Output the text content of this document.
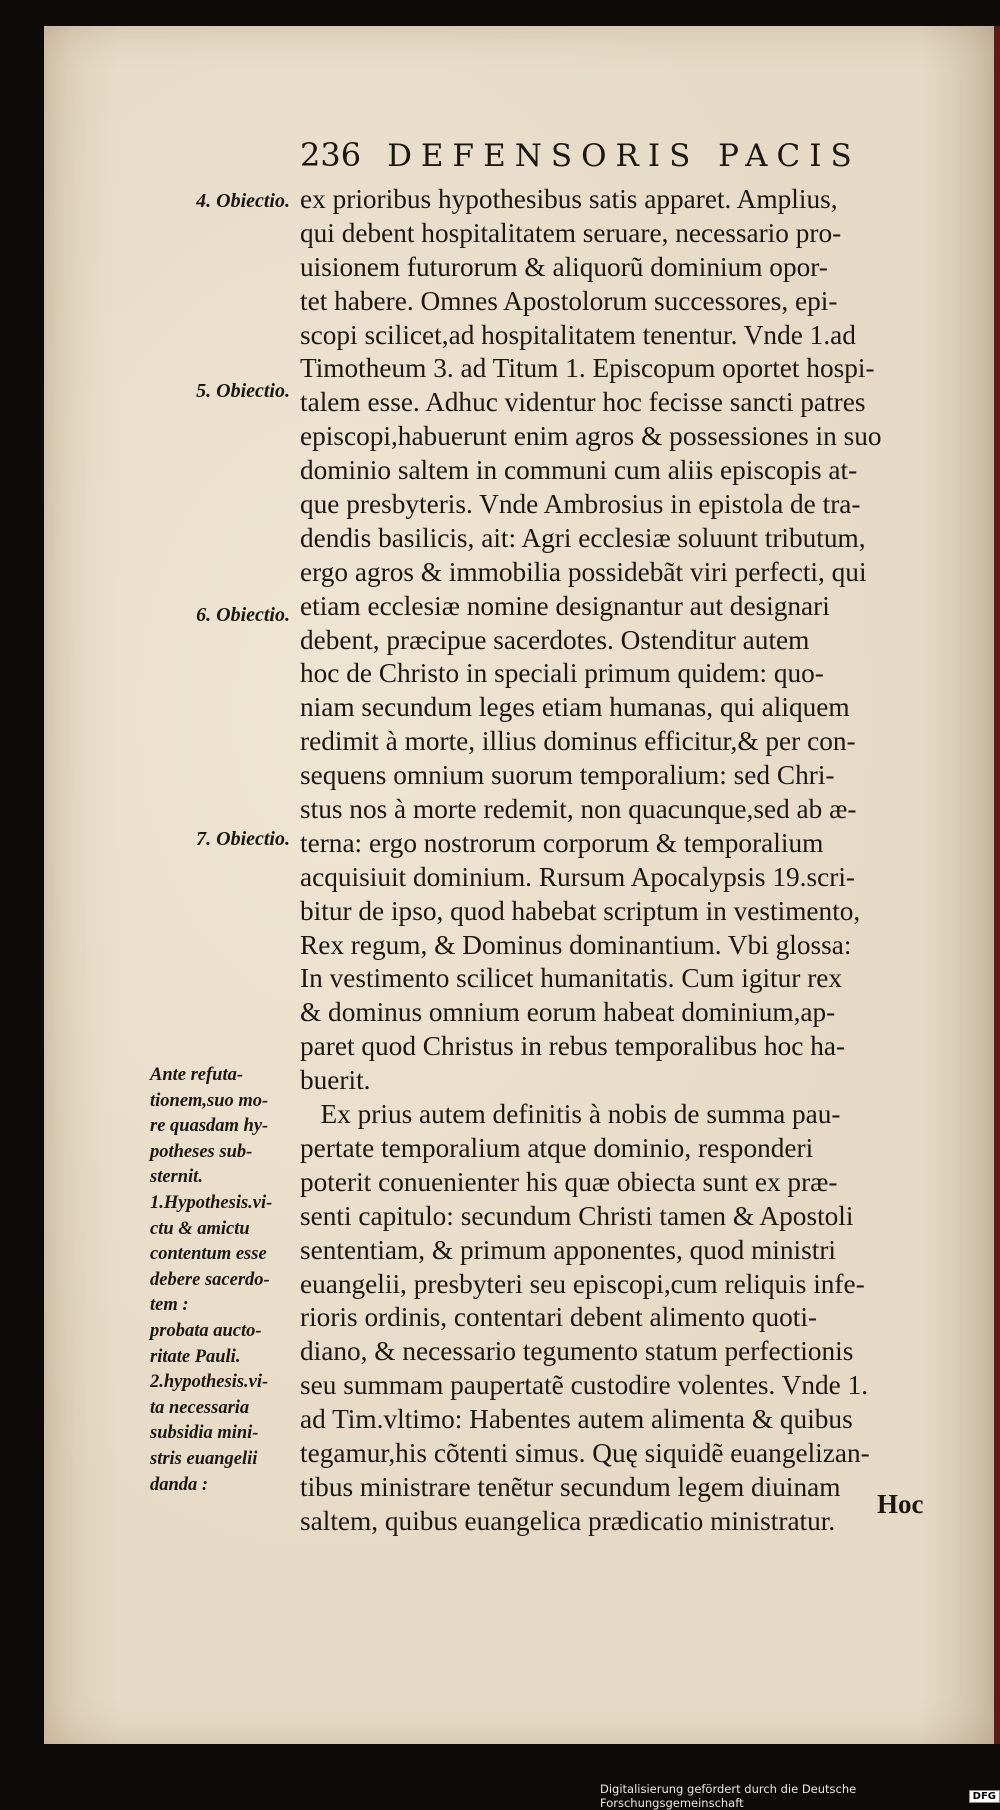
236 DEFENSORIS PACIS
4. Obiectio.
5. Obiectio.
6. Obiectio.
7. Obiectio.
Ante refuta-
tionem,suo mo-
re quasdam hy-
potheses sub-
sternit.
1.Hypothesis.vi-
ctu & amictu
contentum esse
debere sacerdo-
tem :
probata aucto-
ritate Pauli.
2.hypothesis.vi-
ta necessaria
subsidia mini-
stris euangelii
danda :
ex prioribus hypothesibus satis apparet. Amplius,
qui debent hospitalitatem seruare, necessario pro-
uisionem futurorum & aliquorũ dominium opor-
tet habere. Omnes Apostolorum successores, epi-
scopi scilicet,ad hospitalitatem tenentur. Vnde 1.ad
Timotheum 3. ad Titum 1. Episcopum oportet hospi-
talem esse. Adhuc videntur hoc fecisse sancti patres
episcopi,habuerunt enim agros & possessiones in suo
dominio saltem in communi cum aliis episcopis at-
que presbyteris. Vnde Ambrosius in epistola de tra-
dendis basilicis, ait: Agri ecclesiæ soluunt tributum,
ergo agros & immobilia possidebãt viri perfecti, qui
etiam ecclesiæ nomine designantur aut designari
debent, præcipue sacerdotes. Ostenditur autem
hoc de Christo in speciali primum quidem: quo-
niam secundum leges etiam humanas, qui aliquem
redimit à morte, illius dominus efficitur,& per con-
sequens omnium suorum temporalium: sed Chri-
stus nos à morte redemit, non quacunque,sed ab æ-
terna: ergo nostrorum corporum & temporalium
acquisiuit dominium. Rursum Apocalypsis 19.scri-
bitur de ipso, quod habebat scriptum in vestimento,
Rex regum, & Dominus dominantium. Vbi glossa:
In vestimento scilicet humanitatis. Cum igitur rex
& dominus omnium eorum habeat dominium,ap-
paret quod Christus in rebus temporalibus hoc ha-
buerit.
Ex prius autem definitis à nobis de summa pau-
pertate temporalium atque dominio, responderi
poterit conuenienter his quæ obiecta sunt ex præ-
senti capitulo: secundum Christi tamen & Apostoli
sententiam, & primum apponentes, quod ministri
euangelii, presbyteri seu episcopi,cum reliquis infe-
rioris ordinis, contentari debent alimento quoti-
diano, & necessario tegumento statum perfectionis
seu summam paupertatẽ custodire volentes. Vnde 1.
ad Tim.vltimo: Habentes autem alimenta & quibus
tegamur,his cõtenti simus. Quę siquidẽ euangelizan-
tibus ministrare tenẽtur secundum legem diuinam
saltem, quibus euangelica prædicatio ministratur.
Hoc
Digitalisierung gefördert durch die Deutsche Forschungsgemeinschaft	DFG
